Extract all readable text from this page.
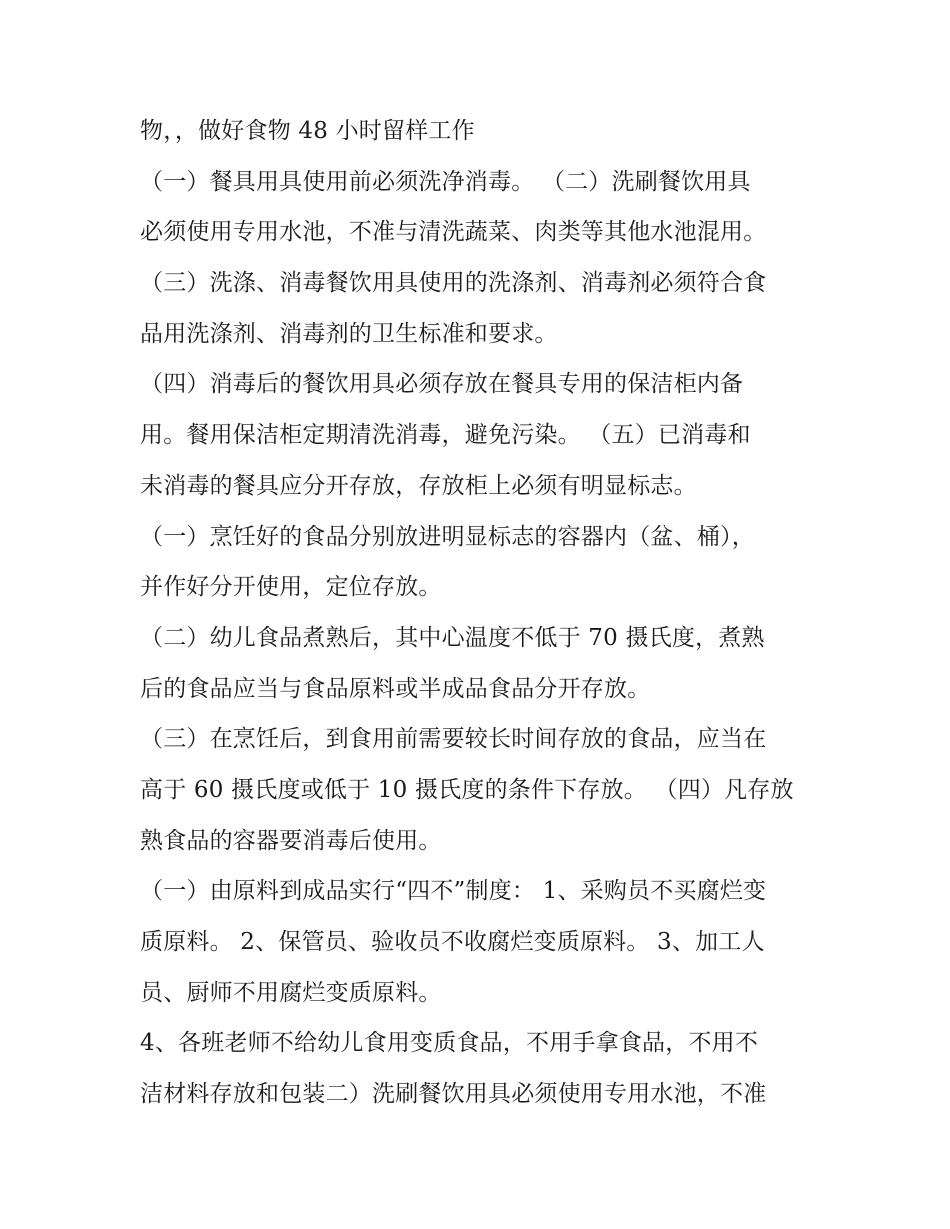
物，，做好食物 48 小时留样工作
（一）餐具用具使用前必须洗净消毒。 （二）洗刷餐饮用具
必须使用专用水池，不准与清洗蔬菜、肉类等其他水池混用。
（三）洗涤、消毒餐饮用具使用的洗涤剂、消毒剂必须符合食
品用洗涤剂、消毒剂的卫生标准和要求。
（四）消毒后的餐饮用具必须存放在餐具专用的保洁柜内备
用。餐用保洁柜定期清洗消毒，避免污染。 （五）已消毒和
未消毒的餐具应分开存放，存放柜上必须有明显标志。
（一）烹饪好的食品分别放进明显标志的容器内（盆、桶），
并作好分开使用，定位存放。
（二）幼儿食品煮熟后，其中心温度不低于 70 摄氏度，煮熟
后的食品应当与食品原料或半成品食品分开存放。
（三）在烹饪后，到食用前需要较长时间存放的食品，应当在
高于 60 摄氏度或低于 10 摄氏度的条件下存放。 （四）凡存放
熟食品的容器要消毒后使用。
（一）由原料到成品实行“四不”制度： 1、采购员不买腐烂变
质原料。 2、保管员、验收员不收腐烂变质原料。 3、加工人
员、厨师不用腐烂变质原料。
4、各班老师不给幼儿食用变质食品，不用手拿食品，不用不
洁材料存放和包装二）洗刷餐饮用具必须使用专用水池，不准
